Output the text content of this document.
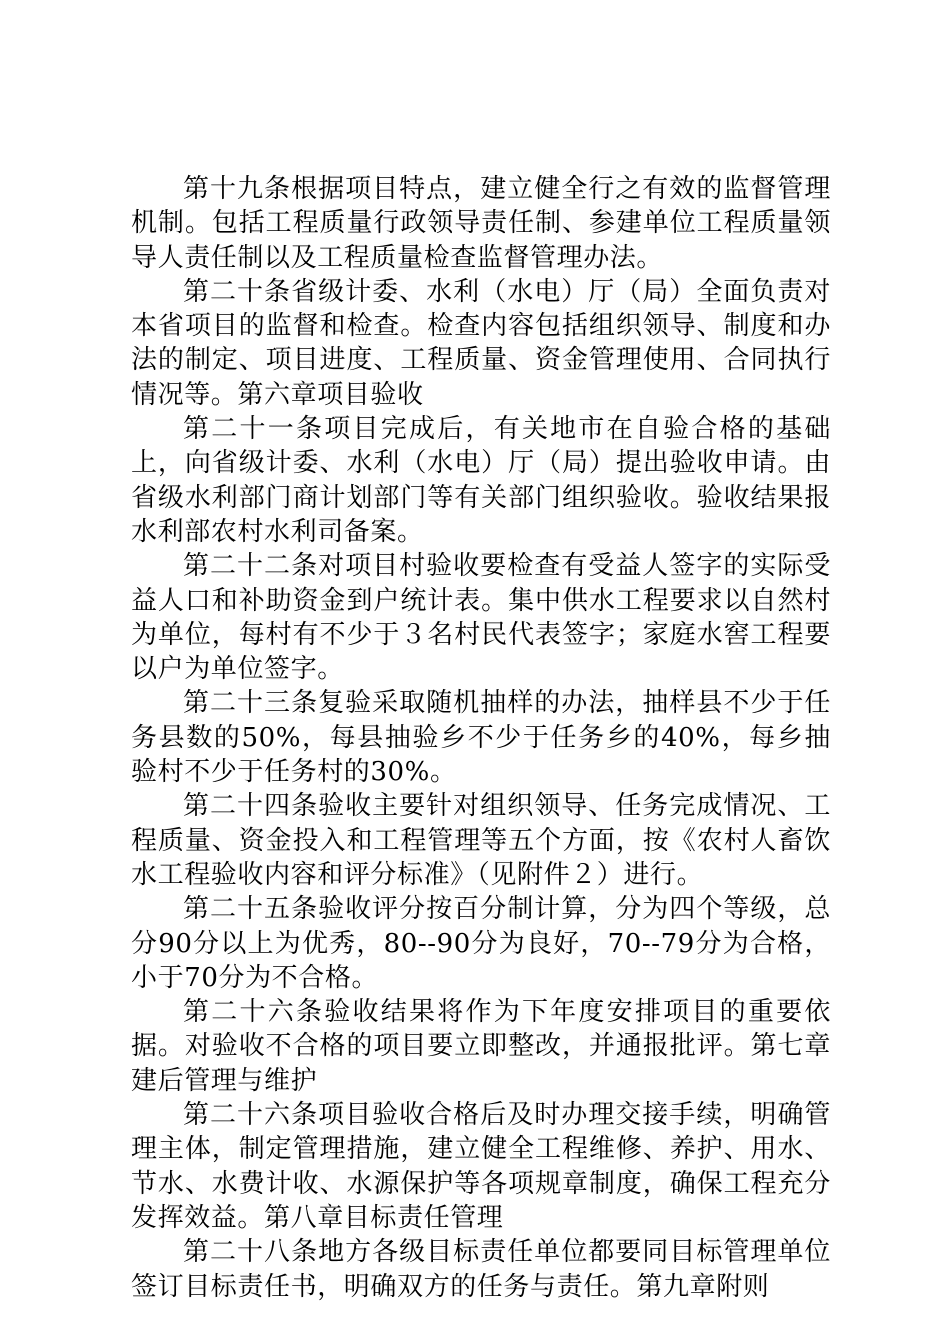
第十九条根据项目特点，建立健全行之有效的监督管理机制。包括工程质量行政领导责任制、参建单位工程质量领导人责任制以及工程质量检查监督管理办法。

第二十条省级计委、水利（水电）厅（局）全面负责对本省项目的监督和检查。检查内容包括组织领导、制度和办法的制定、项目进度、工程质量、资金管理使用、合同执行情况等。第六章项目验收

第二十一条项目完成后，有关地市在自验合格的基础上，向省级计委、水利（水电）厅（局）提出验收申请。由省级水利部门商计划部门等有关部门组织验收。验收结果报水利部农村水利司备案。

第二十二条对项目村验收要检查有受益人签字的实际受益人口和补助资金到户统计表。集中供水工程要求以自然村为单位，每村有不少于３名村民代表签字；家庭水窖工程要以户为单位签字。

第二十三条复验采取随机抽样的办法，抽样县不少于任务县数的50%，每县抽验乡不少于任务乡的40%，每乡抽验村不少于任务村的30%。

第二十四条验收主要针对组织领导、任务完成情况、工程质量、资金投入和工程管理等五个方面，按《农村人畜饮水工程验收内容和评分标准》（见附件２）进行。

第二十五条验收评分按百分制计算，分为四个等级，总分90分以上为优秀，80--90分为良好，70--79分为合格，小于70分为不合格。

第二十六条验收结果将作为下年度安排项目的重要依据。对验收不合格的项目要立即整改，并通报批评。第七章建后管理与维护

第二十六条项目验收合格后及时办理交接手续，明确管理主体，制定管理措施，建立健全工程维修、养护、用水、节水、水费计收、水源保护等各项规章制度，确保工程充分发挥效益。第八章目标责任管理

第二十八条地方各级目标责任单位都要同目标管理单位签订目标责任书，明确双方的任务与责任。第九章附则
